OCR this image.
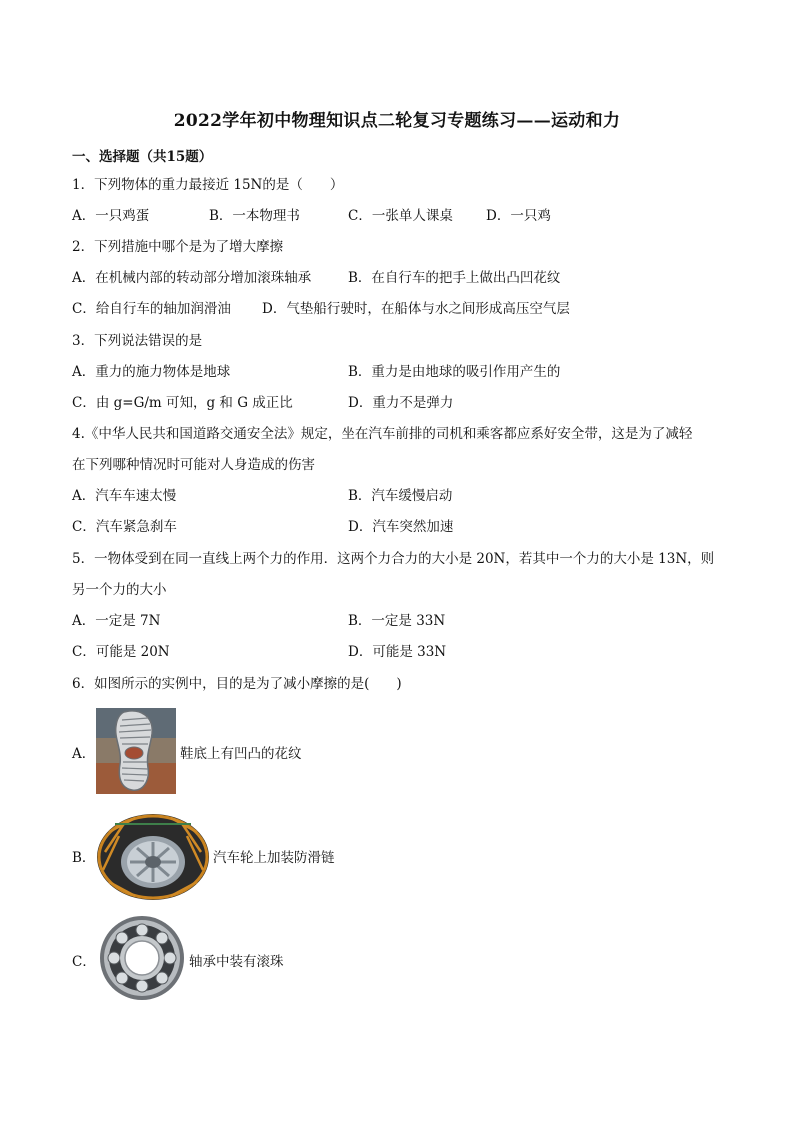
2022学年初中物理知识点二轮复习专题练习——运动和力
一、选择题（共15题）
1．下列物体的重力最接近 15N的是（　　）
A．一只鸡蛋	B．一本物理书	C．一张单人课桌 D．一只鸡
2．下列措施中哪个是为了增大摩擦
A．在机械内部的转动部分增加滚珠轴承	B．在自行车的把手上做出凸凹花纹
C．给自行车的轴加润滑油 D．气垫船行驶时，在船体与水之间形成高压空气层
3．下列说法错误的是
A．重力的施力物体是地球	B．重力是由地球的吸引作用产生的
C．由 g=G/m 可知，g 和 G 成正比	D．重力不是弹力
4.《中华人民共和国道路交通安全法》规定，坐在汽车前排的司机和乘客都应系好安全带，这是为了减轻
在下列哪种情况时可能对人身造成的伤害
A．汽车车速太慢	B．汽车缓慢启动
C．汽车紧急刹车	D．汽车突然加速
5．一物体受到在同一直线上两个力的作用．这两个力合力的大小是 20N，若其中一个力的大小是 13N，则
另一个力的大小
A．一定是 7N	B．一定是 33N
C．可能是 20N	D．可能是 33N
6．如图所示的实例中，目的是为了减小摩擦的是(　　)
A．	鞋底上有凹凸的花纹
B．	汽车轮上加装防滑链
C．	轴承中装有滚珠
